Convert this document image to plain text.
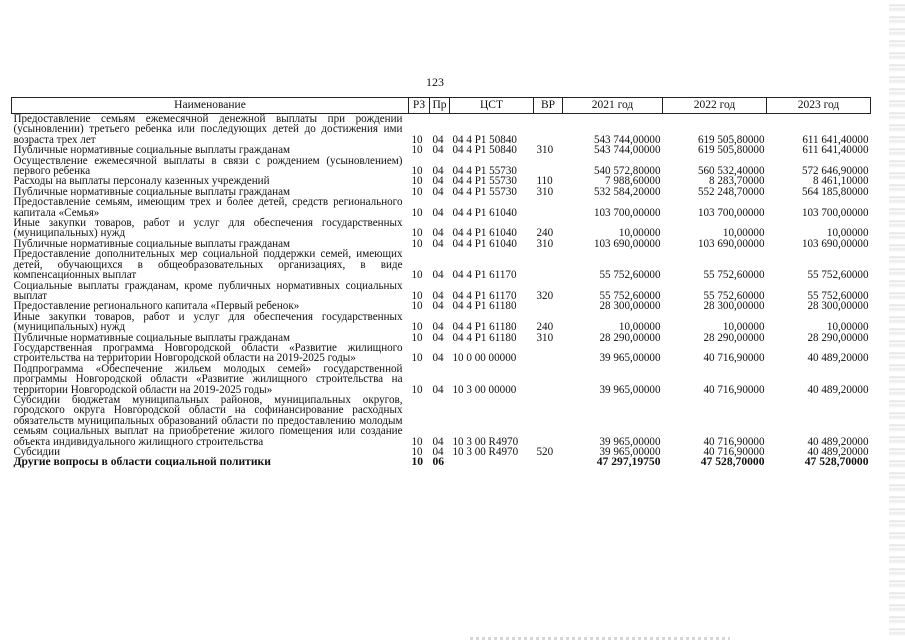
123
Наименование	РЗ	Пр	ЦСТ	ВР	2021 год	2022 год	2023 год
Предоставление семьям ежемесячной денежной выплаты при рождении (усыновлении) третьего ребенка или последующих детей до достижения ими возраста трех лет	10	04	04 4 P1 50840		543 744,00000	619 505,80000	611 641,40000
Публичные нормативные социальные выплаты гражданам	10	04	04 4 P1 50840	310	543 744,00000	619 505,80000	611 641,40000
Осуществление ежемесячной выплаты в связи с рождением (усыновлением) первого ребенка	10	04	04 4 P1 55730		540 572,80000	560 532,40000	572 646,90000
Расходы на выплаты персоналу казенных учреждений	10	04	04 4 P1 55730	110	7 988,60000	8 283,70000	8 461,10000
Публичные нормативные социальные выплаты гражданам	10	04	04 4 P1 55730	310	532 584,20000	552 248,70000	564 185,80000
Предоставление семьям, имеющим трех и более детей, средств регионального капитала «Семья»	10	04	04 4 P1 61040		103 700,00000	103 700,00000	103 700,00000
Иные закупки товаров, работ и услуг для обеспечения государственных (муниципальных) нужд	10	04	04 4 P1 61040	240	10,00000	10,00000	10,00000
Публичные нормативные социальные выплаты гражданам	10	04	04 4 P1 61040	310	103 690,00000	103 690,00000	103 690,00000
Предоставление дополнительных мер социальной поддержки семей, имеющих детей, обучающихся в общеобразовательных организациях, в виде компенсационных выплат	10	04	04 4 P1 61170		55 752,60000	55 752,60000	55 752,60000
Социальные выплаты гражданам, кроме публичных нормативных социальных выплат	10	04	04 4 P1 61170	320	55 752,60000	55 752,60000	55 752,60000
Предоставление регионального капитала «Первый ребенок»	10	04	04 4 P1 61180		28 300,00000	28 300,00000	28 300,00000
Иные закупки товаров, работ и услуг для обеспечения государственных (муниципальных) нужд	10	04	04 4 P1 61180	240	10,00000	10,00000	10,00000
Публичные нормативные социальные выплаты гражданам	10	04	04 4 P1 61180	310	28 290,00000	28 290,00000	28 290,00000
Государственная программа Новгородской области «Развитие жилищного строительства на территории Новгородской области на 2019-2025 годы»	10	04	10 0 00 00000		39 965,00000	40 716,90000	40 489,20000
Подпрограмма «Обеспечение жильем молодых семей» государственной программы Новгородской области «Развитие жилищного строительства на территории Новгородской области на 2019-2025 годы»	10	04	10 3 00 00000		39 965,00000	40 716,90000	40 489,20000
Субсидии бюджетам муниципальных районов, муниципальных округов, городского округа Новгородской области на софинансирование расходных обязательств муниципальных образований области по предоставлению молодым семьям социальных выплат на приобретение жилого помещения или создание объекта индивидуального жилищного строительства	10	04	10 3 00 R4970		39 965,00000	40 716,90000	40 489,20000
Субсидии	10	04	10 3 00 R4970	520	39 965,00000	40 716,90000	40 489,20000
Другие вопросы в области социальной политики	10	06			47 297,19750	47 528,70000	47 528,70000
